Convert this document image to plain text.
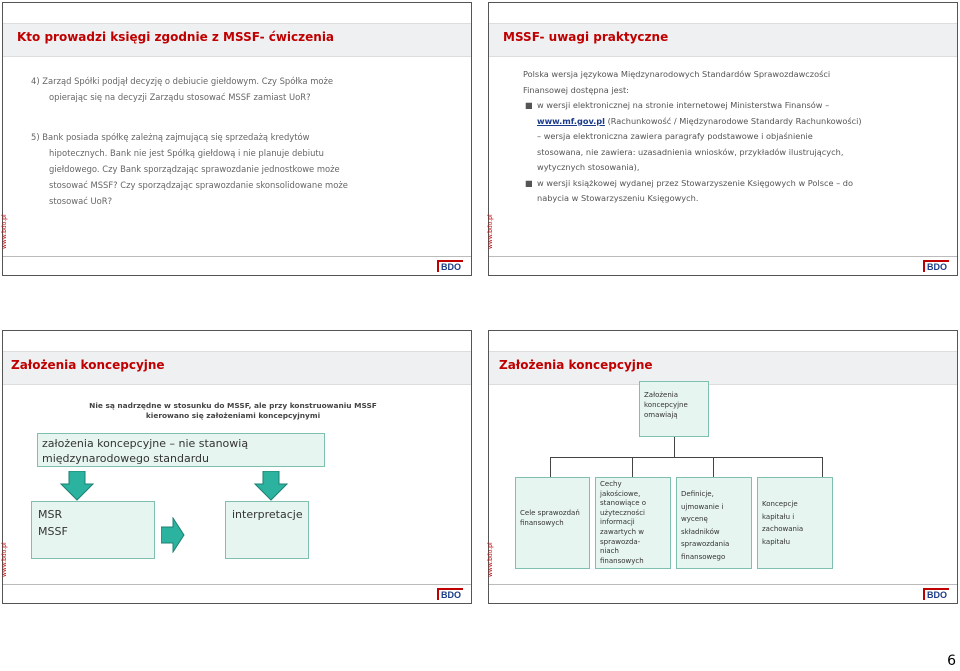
Kto prowadzi księgi zgodnie z MSSF- ćwiczenia

4) Zarząd Spółki podjął decyzję o debiucie giełdowym. Czy Spółka może

opierając się na decyzji Zarządu stosować MSSF zamiast UoR?

5) Bank posiada spółkę zależną zajmującą się sprzedażą kredytów

hipotecznych. Bank nie jest Spółką giełdową i nie planuje debiutu

giełdowego. Czy Bank sporządzając sprawozdanie jednostkowe może

stosować MSSF? Czy sporządzając sprawozdanie skonsolidowane może

stosować UoR?

www.bdo.pl
BDO
MSSF- uwagi praktyczne

Polska wersja językowa Międzynarodowych Standardów Sprawozdawczości

Finansowej dostępna jest:

■ w wersji elektronicznej na stronie internetowej Ministerstwa Finansów –

www.mf.gov.pl (Rachunkowość / Międzynarodowe Standardy Rachunkowości)

– wersja elektroniczna zawiera paragrafy podstawowe i objaśnienie

stosowana, nie zawiera: uzasadnienia wniosków, przykładów ilustrujących,

wytycznych stosowania),

■ w wersji książkowej wydanej przez Stowarzyszenie Księgowych w Polsce – do

nabycia w Stowarzyszeniu Księgowych.

www.bdo.pl
BDO
Założenia koncepcyjne
Nie są nadrzędne w stosunku do MSSF, ale przy konstruowaniu MSSF
kierowano się założeniami koncepcyjnymi
założenia koncepcyjne – nie stanowią
międzynarodowego standardu
MSR
MSSF
interpretacje
www.bdo.pl
BDO
Założenia koncepcyjne
Założenia
koncepcyjne
omawiają
Cele sprawozdań
finansowych
Cechy
jakościowe,
stanowiące o
użyteczności
informacji
zawartych w
sprawozda-
niach
finansowych
Definicje,
ujmowanie i
wycenę
składników
sprawozdania
finansowego
Koncepcje
kapitału i
zachowania
kapitału
www.bdo.pl
BDO
6
